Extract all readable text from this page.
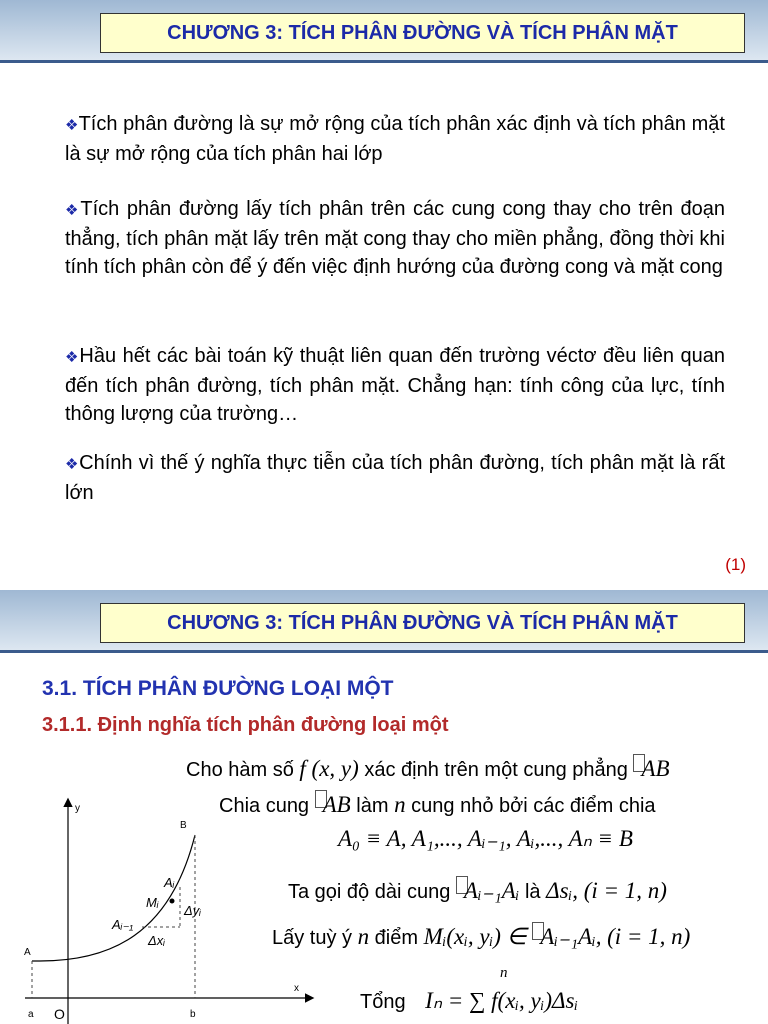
CHƯƠNG 3: TÍCH PHÂN ĐƯỜNG VÀ TÍCH PHÂN MẶT
❖Tích phân đường là sự mở rộng của tích phân xác định và tích phân mặt là sự mở rộng của tích phân hai lớp
❖Tích phân đường lấy tích phân trên các cung cong thay cho trên đoạn thẳng, tích phân mặt lấy trên mặt cong thay cho miền phẳng, đồng thời khi tính tích phân còn để ý đến việc định hướng của đường cong và mặt cong
❖Hầu hết các bài toán kỹ thuật liên quan đến trường véctơ đều liên quan đến tích phân đường, tích phân mặt. Chẳng hạn: tính công của lực, tính thông lượng của trường…
❖Chính vì thế ý nghĩa thực tiễn của tích phân đường, tích phân mặt là rất lớn
(1)
CHƯƠNG 3: TÍCH PHÂN ĐƯỜNG VÀ TÍCH PHÂN MẶT
3.1. TÍCH PHÂN ĐƯỜNG LOẠI MỘT
3.1.1. Định nghĩa tích phân đường loại một
Cho hàm số f (x, y) xác định trên một cung phẳng AB
Chia cung AB làm n cung nhỏ bởi các điểm chia
A₀ ≡ A, A₁,..., Aᵢ₋₁, Aᵢ,..., Aₙ ≡ B
Ta gọi độ dài cung Aᵢ₋₁Aᵢ là Δsᵢ, (i = 1, n)
Lấy tuỳ ý n điểm Mᵢ(xᵢ, yᵢ) ∈ Aᵢ₋₁Aᵢ, (i = 1, n)
Tổng Iₙ = ∑ f(xᵢ, yᵢ)Δsᵢ
n
y
x
A
B
a	b
O
Aᵢ
Mᵢ
Aᵢ₋₁
Δyᵢ
Δxᵢ
